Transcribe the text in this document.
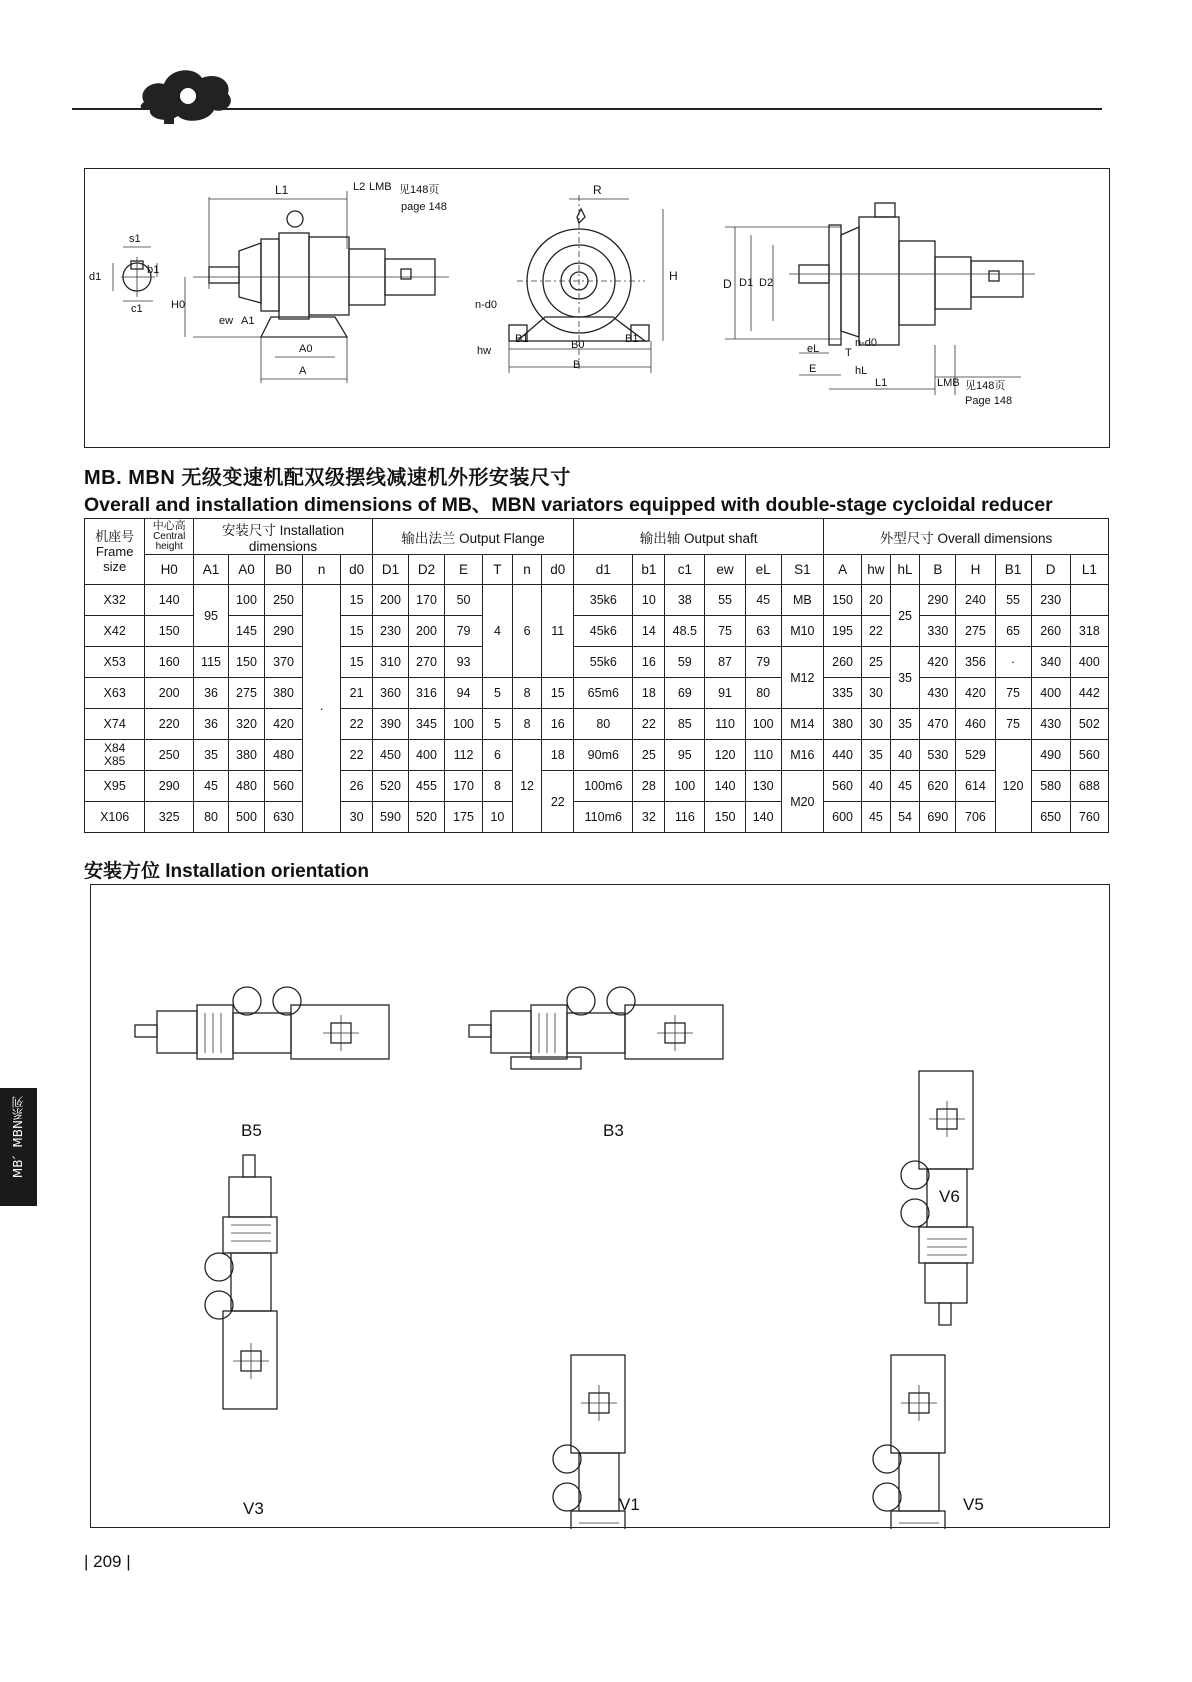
s1
d1
b1
c1
L1	L2 LMB 见148页
page 148
H0
ew A1
A0
A
R
H
n-d0
hw
B1	B0
B
B1
D D1 D2
eL T
n-d0
E	hL
L1	LMB 见148页
Page 148
MB. MBN 无级变速机配双级摆线减速机外形安装尺寸
Overall and installation dimensions of MB、MBN variators equipped with double-stage cycloidal reducer
机座号
Frame size	中心高
Central height	安装尺寸 Installation dimensions					输出法兰 Output Flange						输出轴 Output shaft						外型尺寸 Overall dimensions							
	H0	A1	A0	B0	n	d0	D1	D2	E	T	n	d0	d1	b1	c1	ew	eL	S1	A	hw	hL	B	H	B1	D	L1
X32	140	95	100	250	·	15	200	170	50	4	6	11	35k6	10	38	55	45	MB	150	20	25	290	240	55	230	
X42	150		145	290		15	230	200	79				45k6	14	48.5	75	63	M10	195	22		330	275	65	260	318
X53	160	115	150	370		15	310	270	93				55k6	16	59	87	79	M12	260	25	35	420	356	·	340	400
X63	200	36	275	380		21	360	316	94	5	8	15	65m6	18	69	91	80		335	30		430	420	75	400	442
X74	220	36	320	420		22	390	345	100	5	8	16	80	22	85	110	100	M14	380	30	35	470	460	75	430	502

X84 X85	250	35	380	480		22	450	400	112	6	12	18	90m6	25	95	120	110	M16	440	35	40	530	529	120	490	560
X95	290	45	480	560		26	520	455	170	8		22	100m6	28	100	140	130	M20	560	40	45	620	614		580	688
X106	325	80	500	630		30	590	520	175	10			110m6	32	116	150	140		600	45	54	690	706		650	760
安装方位 Installation orientation
B5	B3
V6
V3	V1	V5
| 209 |
MB、MBN系列
